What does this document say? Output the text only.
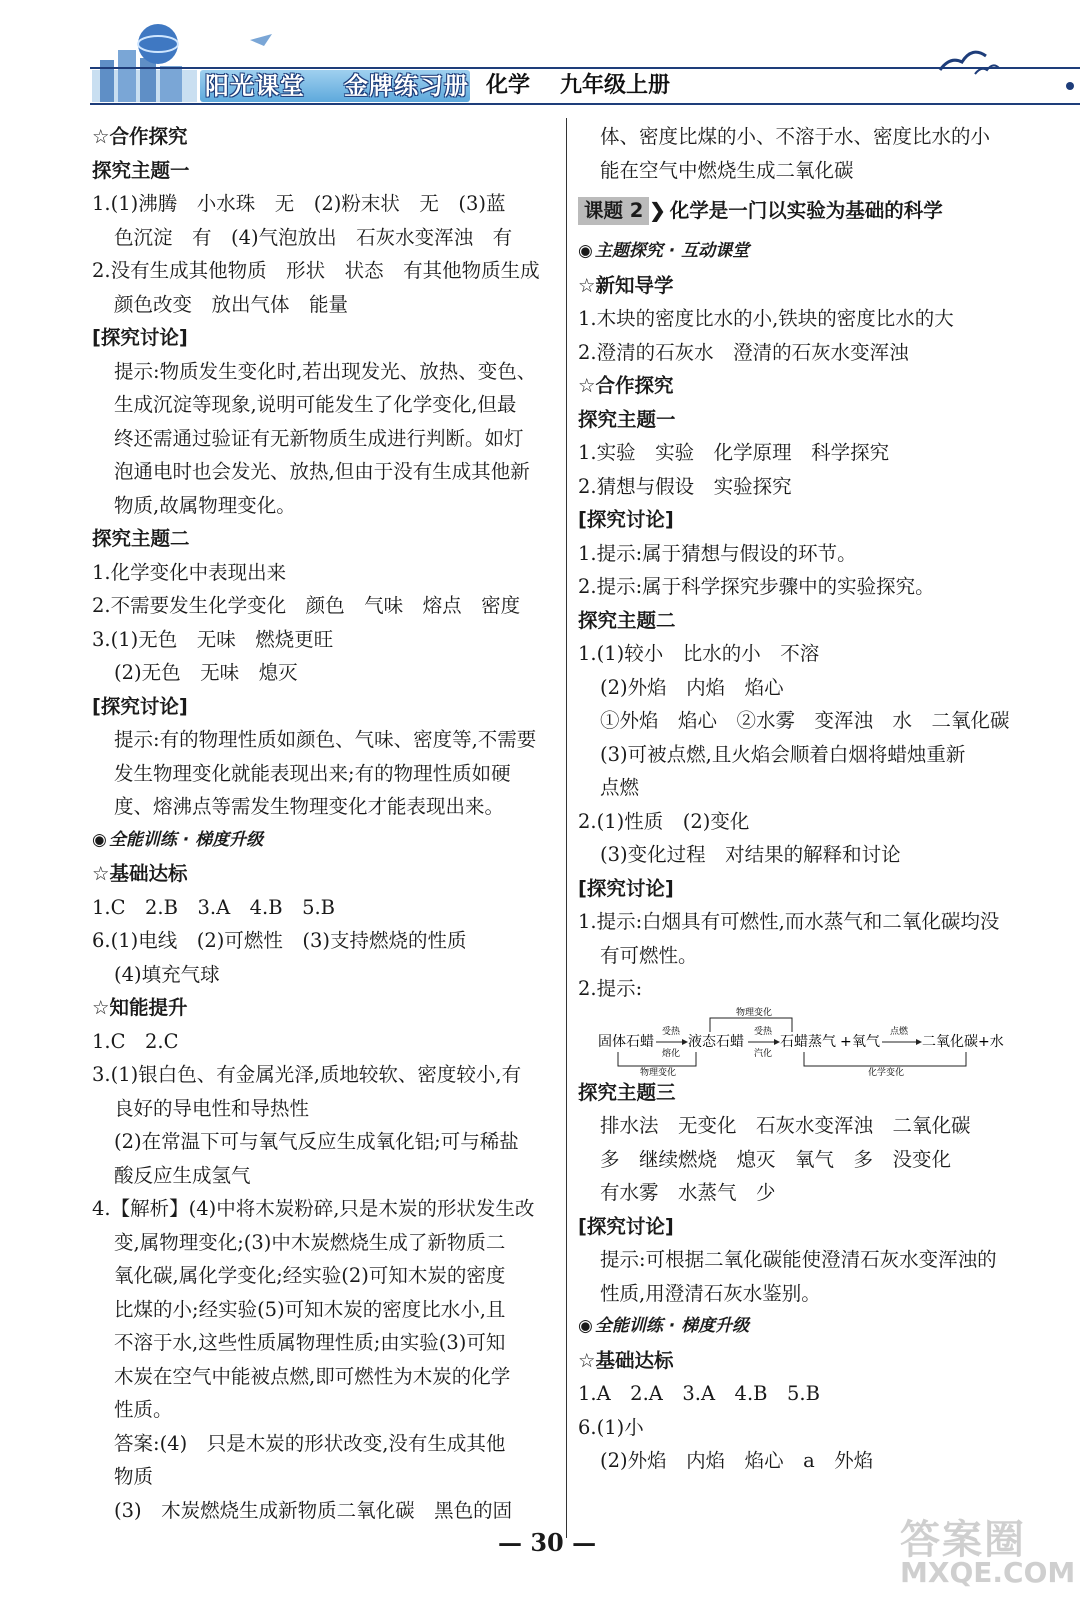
阳光课堂 金牌练习册 化学 九年级上册
☆ 合作探究
探究主题一
1.(1)沸腾　小水珠　无　(2)粉末状　无　(3)蓝
色沉淀　有　(4)气泡放出　石灰水变浑浊　有
2.没有生成其他物质　形状　状态　有其他物质生成
颜色改变　放出气体　能量
[探究讨论]
提示:物质发生变化时,若出现发光、放热、变色、
生成沉淀等现象,说明可能发生了化学变化,但最
终还需通过验证有无新物质生成进行判断。如灯
泡通电时也会发光、放热,但由于没有生成其他新
物质,故属物理变化。
探究主题二
1.化学变化中表现出来
2.不需要发生化学变化　颜色　气味　熔点　密度
3.(1)无色　无味　燃烧更旺
(2)无色　无味　熄灭
[探究讨论]
提示:有的物理性质如颜色、气味、密度等,不需要
发生物理变化就能表现出来;有的物理性质如硬
度、熔沸点等需发生物理变化才能表现出来。
◉ 全能训练 · 梯度升级
☆ 基础达标
1.C　2.B　3.A　4.B　5.B
6.(1)电线　(2)可燃性　(3)支持燃烧的性质
(4)填充气球
☆ 知能提升
1.C　2.C
3.(1)银白色、有金属光泽,质地较软、密度较小,有
良好的导电性和导热性
(2)在常温下可与氧气反应生成氧化铝;可与稀盐
酸反应生成氢气
4.【解析】(4)中将木炭粉碎,只是木炭的形状发生改
变,属物理变化;(3)中木炭燃烧生成了新物质二
氧化碳,属化学变化;经实验(2)可知木炭的密度
比煤的小;经实验(5)可知木炭的密度比水小,且
不溶于水,这些性质属物理性质;由实验(3)可知
木炭在空气中能被点燃,即可燃性为木炭的化学
性质。
答案:(4)　只是木炭的形状改变,没有生成其他
物质
(3)　木炭燃烧生成新物质二氧化碳　黑色的固
体、密度比煤的小、不溶于水、密度比水的小
能在空气中燃烧生成二氧化碳
课题 2 ❯ 化学是一门以实验为基础的科学
◉ 主题探究 · 互动课堂
☆ 新知导学
1.木块的密度比水的小,铁块的密度比水的大
2.澄清的石灰水　澄清的石灰水变浑浊
☆ 合作探究
探究主题一
1.实验　实验　化学原理　科学探究
2.猜想与假设　实验探究
[探究讨论]
1.提示:属于猜想与假设的环节。
2.提示:属于科学探究步骤中的实验探究。
探究主题二
1.(1)较小　比水的小　不溶
(2)外焰　内焰　焰心
①外焰　焰心　②水雾　变浑浊　水　二氧化碳
(3)可被点燃,且火焰会顺着白烟将蜡烛重新
点燃
2.(1)性质　(2)变化
(3)变化过程　对结果的解释和讨论
[探究讨论]
1.提示:白烟具有可燃性,而水蒸气和二氧化碳均没
有可燃性。
2.提示:
固体石蜡
受热
熔化
液态石蜡
受热
汽化
石蜡蒸气 + 氧气
点燃
二氧化碳+水
物理变化
物理变化	化学变化
探究主题三
排水法　无变化　石灰水变浑浊　二氧化碳
多　继续燃烧　熄灭　氧气　多　没变化
有水雾　水蒸气　少
[探究讨论]
提示:可根据二氧化碳能使澄清石灰水变浑浊的
性质,用澄清石灰水鉴别。
◉ 全能训练 · 梯度升级
☆ 基础达标
1.A　2.A　3.A　4.B　5.B
6.(1)小
(2)外焰　内焰　焰心　a　外焰
— 30 —	答案圈
MXQE.COM
